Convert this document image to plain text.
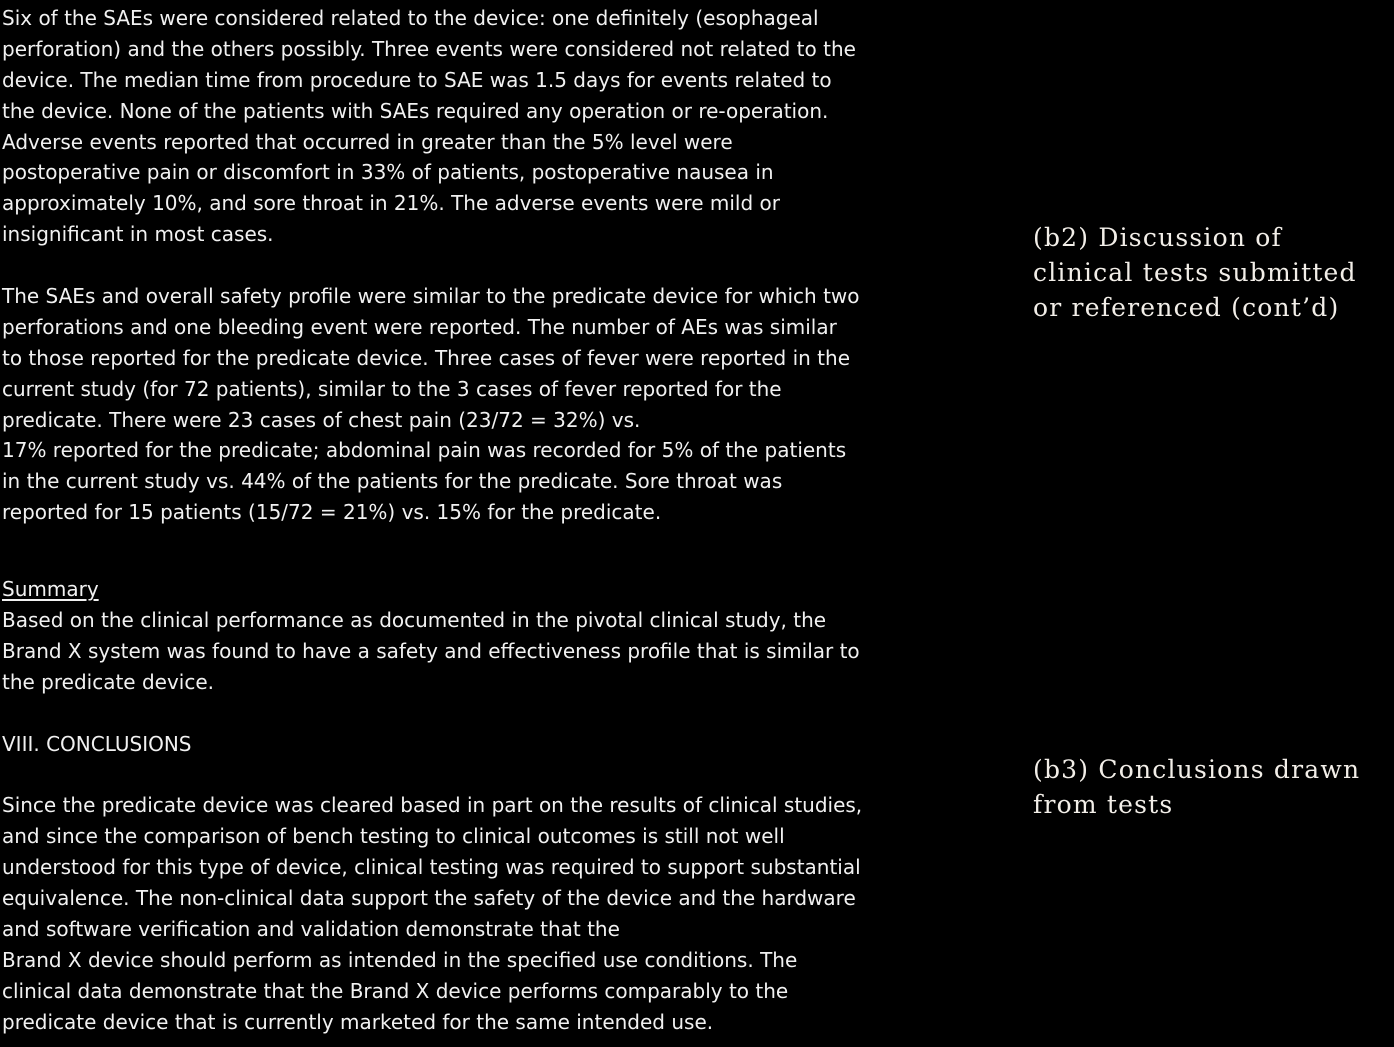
Six of the SAEs were considered related to the device: one definitely (esophageal
perforation) and the others possibly. Three events were considered not related to the
device. The median time from procedure to SAE was 1.5 days for events related to
the device. None of the patients with SAEs required any operation or re-operation.
Adverse events reported that occurred in greater than the 5% level were
postoperative pain or discomfort in 33% of patients, postoperative nausea in
approximately 10%, and sore throat in 21%. The adverse events were mild or
insignificant in most cases.
The SAEs and overall safety profile were similar to the predicate device for which two
perforations and one bleeding event were reported. The number of AEs was similar
to those reported for the predicate device. Three cases of fever were reported in the
current study (for 72 patients), similar to the 3 cases of fever reported for the
predicate. There were 23 cases of chest pain (23/72 = 32%) vs.
17% reported for the predicate; abdominal pain was recorded for 5% of the patients
in the current study vs. 44% of the patients for the predicate. Sore throat was
reported for 15 patients (15/72 = 21%) vs. 15% for the predicate.
Summary
Based on the clinical performance as documented in the pivotal clinical study, the
Brand X system was found to have a safety and effectiveness profile that is similar to
the predicate device.
VIII. CONCLUSIONS
Since the predicate device was cleared based in part on the results of clinical studies,
and since the comparison of bench testing to clinical outcomes is still not well
understood for this type of device, clinical testing was required to support substantial
equivalence. The non-clinical data support the safety of the device and the hardware
and software verification and validation demonstrate that the
Brand X device should perform as intended in the specified use conditions. The
clinical data demonstrate that the Brand X device performs comparably to the
predicate device that is currently marketed for the same intended use.
(b2) Discussion of
clinical tests submitted
or referenced (cont’d)
(b3) Conclusions drawn
from tests
